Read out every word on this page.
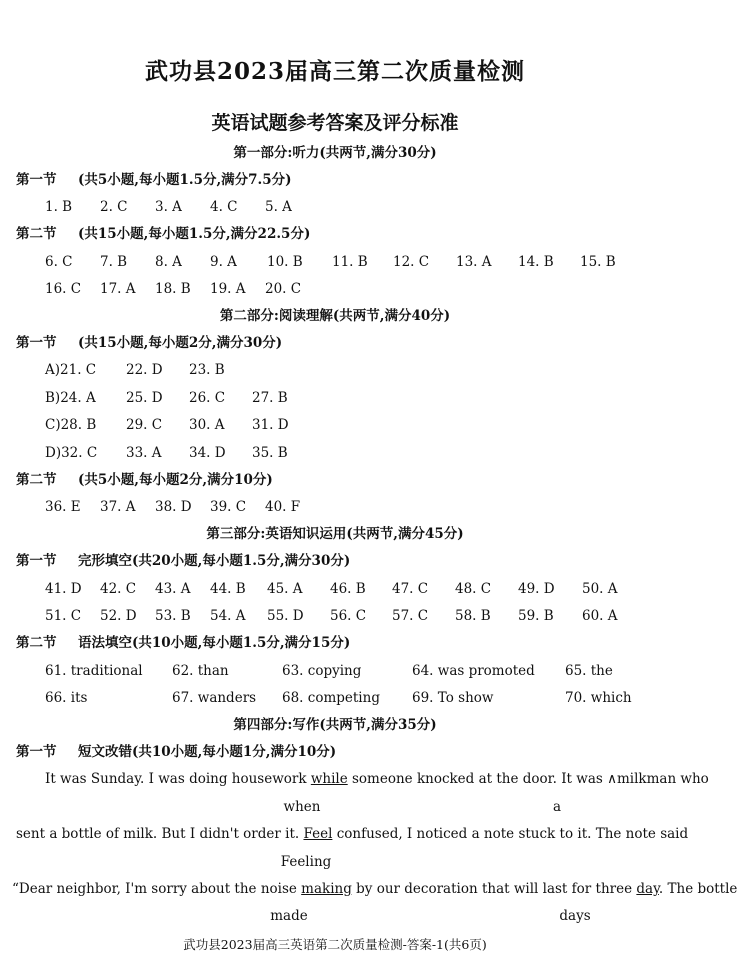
武功县2023届高三第二次质量检测
英语试题参考答案及评分标准
第一部分:听力(共两节,满分30分)
第一节 (共5小题,每小题1.5分,满分7.5分)
1. B 2. C 3. A 4. C 5. A
第二节 (共15小题,每小题1.5分,满分22.5分)
6. C 7. B 8. A 9. A 10. B 11. B 12. C 13. A 14. B 15. B
16. C 17. A 18. B 19. A 20. C
第二部分:阅读理解(共两节,满分40分)
第一节 (共15小题,每小题2分,满分30分)
A)21. C 22. D 23. B
B)24. A 25. D 26. C 27. B
C)28. B 29. C 30. A 31. D
D)32. C 33. A 34. D 35. B
第二节 (共5小题,每小题2分,满分10分)
36. E 37. A 38. D 39. C 40. F
第三部分:英语知识运用(共两节,满分45分)
第一节 完形填空(共20小题,每小题1.5分,满分30分)
41. D 42. C 43. A 44. B 45. A 46. B 47. C 48. C 49. D 50. A
51. C 52. D 53. B 54. A 55. D 56. C 57. C 58. B 59. B 60. A
第二节 语法填空(共10小题,每小题1.5分,满分15分)
61. traditional 62. than	63. copying	64. was promoted 65. the
66. its	67. wanders 68. competing 69. To show	70. which
第四部分:写作(共两节,满分35分)
第一节 短文改错(共10小题,每小题1分,满分10分)
It was Sunday. I was doing housework while someone knocked at the door. It was ∧milkman who
when	a
sent a bottle of milk. But I didn't order it. Feel confused, I noticed a note stuck to it. The note said
Feeling
“Dear neighbor, I'm sorry about the noise making by our decoration that will last for three day. The bottle
made	days
武功县2023届高三英语第二次质量检测-答案-1(共6页)
